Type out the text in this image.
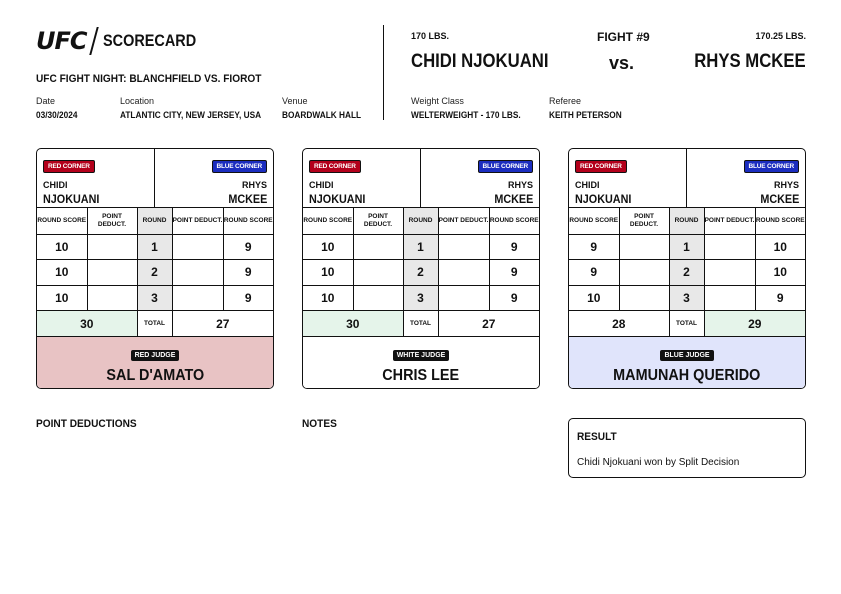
UFC SCORECARD
UFC FIGHT NIGHT: BLANCHFIELD VS. FIOROT
Date
03/30/2024
Location
ATLANTIC CITY, NEW JERSEY, USA
Venue
BOARDWALK HALL
170 LBS.	FIGHT #9	170.25 LBS.
CHIDI NJOKUANI	vs.	RHYS MCKEE
Weight Class
WELTERWEIGHT - 170 LBS.
Referee
KEITH PETERSON
RED CORNER
CHIDI
NJOKUANI
BLUE CORNER
RHYS
MCKEE
ROUND SCORE	POINT DEDUCT.	ROUND	POINT DEDUCT.	ROUND SCORE
10		1		9
10		2		9
10		3		9
30		TOTAL	27	
RED JUDGE
SAL D'AMATO
RED CORNER
CHIDI
NJOKUANI
BLUE CORNER
RHYS
MCKEE
ROUND SCORE	POINT DEDUCT.	ROUND	POINT DEDUCT.	ROUND SCORE
10		1		9
10		2		9
10		3		9
30		TOTAL	27	
WHITE JUDGE
CHRIS LEE
RED CORNER
CHIDI
NJOKUANI
BLUE CORNER
RHYS
MCKEE
ROUND SCORE	POINT DEDUCT.	ROUND	POINT DEDUCT.	ROUND SCORE
9		1		10
9		2		10
10		3		9
28		TOTAL	29	
BLUE JUDGE
MAMUNAH QUERIDO
POINT DEDUCTIONS	NOTES
RESULT
Chidi Njokuani won by Split Decision
